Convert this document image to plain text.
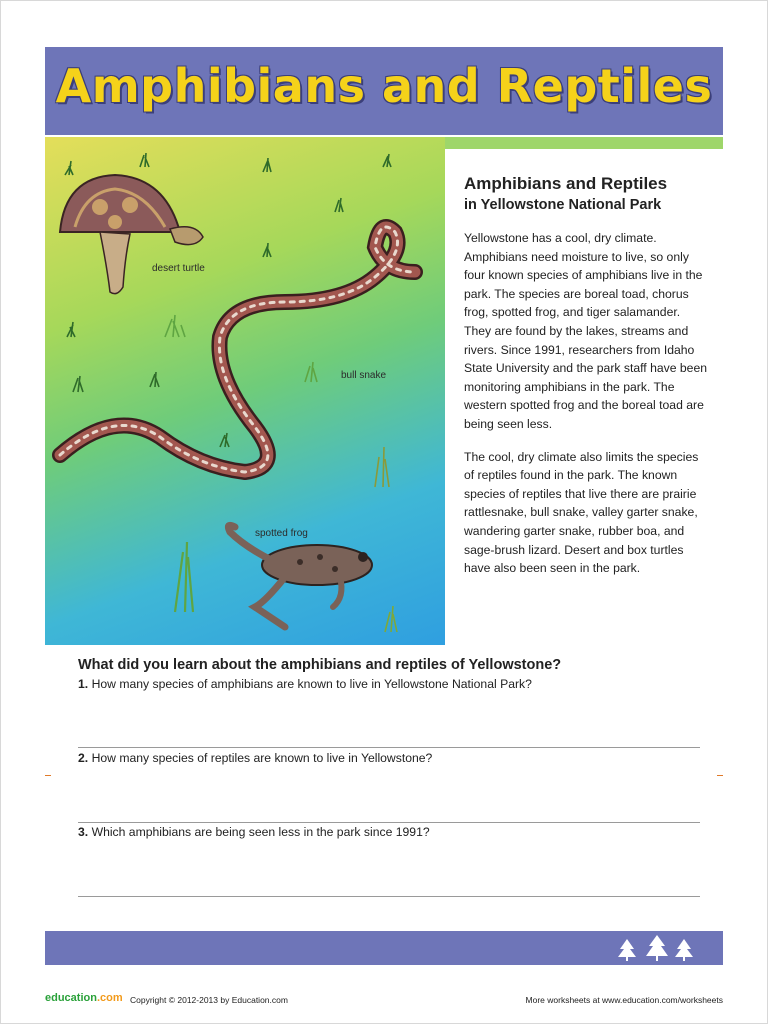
Amphibians and Reptiles
desert turtle
bull snake
spotted frog
Amphibians and Reptiles
in Yellowstone National Park

Yellowstone has a cool, dry climate. Amphibians need moisture to live, so only four known species of amphibians live in the park. The species are boreal toad, chorus frog, spotted frog, and tiger salamander. They are found by the lakes, streams and rivers. Since 1991, researchers from Idaho State University and the park staff have been monitoring amphibians in the park. The western spotted frog and the boreal toad are being seen less.

The cool, dry climate also limits the species of reptiles found in the park. The known species of reptiles that live there are prairie rattlesnake, bull snake, valley garter snake, wandering garter snake, rubber boa, and sage-brush lizard. Desert and box turtles have also been seen in the park.

What did you learn about the amphibians and reptiles of Yellowstone?
1. How many species of amphibians are known to live in Yellowstone National Park?
2. How many species of reptiles are known to live in Yellowstone?
3. Which amphibians are being seen less in the park since 1991?
education.com Copyright © 2012-2013 by Education.com	More worksheets at www.education.com/worksheets
